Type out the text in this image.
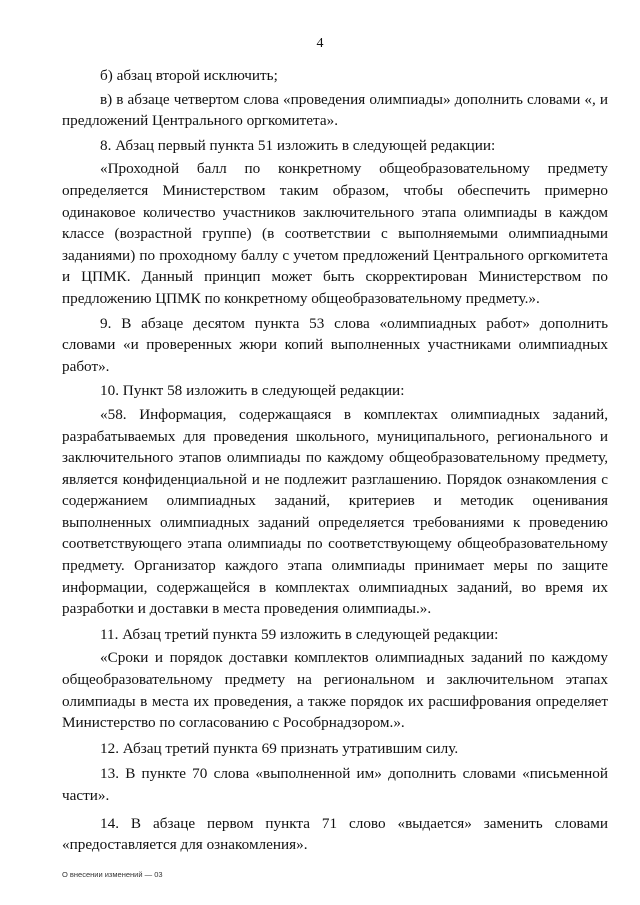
4

б) абзац второй исключить;

в) в абзаце четвертом слова «проведения олимпиады» дополнить словами «, и предложений Центрального оргкомитета».

8. Абзац первый пункта 51 изложить в следующей редакции:

«Проходной балл по конкретному общеобразовательному предмету определяется Министерством таким образом, чтобы обеспечить примерно одинаковое количество участников заключительного этапа олимпиады в каждом классе (возрастной группе) (в соответствии с выполняемыми олимпиадными заданиями) по проходному баллу с учетом предложений Центрального оргкомитета и ЦПМК. Данный принцип может быть скорректирован Министерством по предложению ЦПМК по конкретному общеобразовательному предмету.».

9. В абзаце десятом пункта 53 слова «олимпиадных работ» дополнить словами «и проверенных жюри копий выполненных участниками олимпиадных работ».

10. Пункт 58 изложить в следующей редакции:

«58. Информация, содержащаяся в комплектах олимпиадных заданий, разрабатываемых для проведения школьного, муниципального, регионального и заключительного этапов олимпиады по каждому общеобразовательному предмету, является конфиденциальной и не подлежит разглашению. Порядок ознакомления с содержанием олимпиадных заданий, критериев и методик оценивания выполненных олимпиадных заданий определяется требованиями к проведению соответствующего этапа олимпиады по соответствующему общеобразовательному предмету. Организатор каждого этапа олимпиады принимает меры по защите информации, содержащейся в комплектах олимпиадных заданий, во время их разработки и доставки в места проведения олимпиады.».

11. Абзац третий пункта 59 изложить в следующей редакции:

«Сроки и порядок доставки комплектов олимпиадных заданий по каждому общеобразовательному предмету на региональном и заключительном этапах олимпиады в места их проведения, а также порядок их расшифрования определяет Министерство по согласованию с Рособрнадзором.».

12. Абзац третий пункта 69 признать утратившим силу.

13. В пункте 70 слова «выполненной им» дополнить словами «письменной части».

14. В абзаце первом пункта 71 слово «выдается» заменить словами «предоставляется для ознакомления».

О внесении изменений — 03
